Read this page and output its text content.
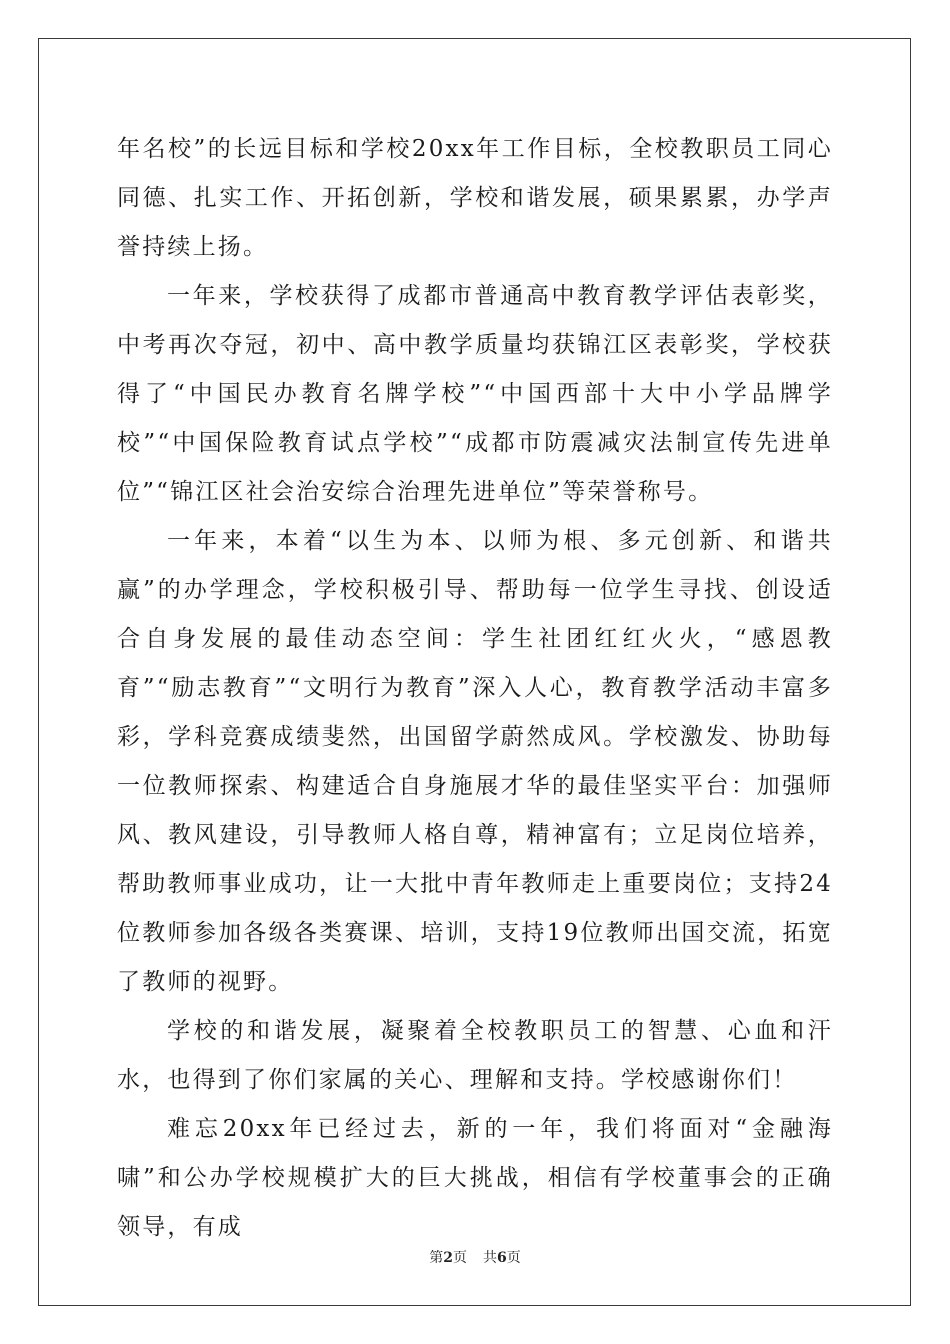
年名校”的长远目标和学校20xx年工作目标，全校教职员工同心同德、扎实工作、开拓创新，学校和谐发展，硕果累累，办学声誉持续上扬。

一年来，学校获得了成都市普通高中教育教学评估表彰奖，中考再次夺冠，初中、高中教学质量均获锦江区表彰奖，学校获得了“中国民办教育名牌学校”“中国西部十大中小学品牌学校”“中国保险教育试点学校”“成都市防震减灾法制宣传先进单位”“锦江区社会治安综合治理先进单位”等荣誉称号。

一年来，本着“以生为本、以师为根、多元创新、和谐共赢”的办学理念，学校积极引导、帮助每一位学生寻找、创设适合自身发展的最佳动态空间：学生社团红红火火，“感恩教育”“励志教育”“文明行为教育”深入人心，教育教学活动丰富多彩，学科竞赛成绩斐然，出国留学蔚然成风。学校激发、协助每一位教师探索、构建适合自身施展才华的最佳坚实平台：加强师风、教风建设，引导教师人格自尊，精神富有；立足岗位培养，帮助教师事业成功，让一大批中青年教师走上重要岗位；支持24位教师参加各级各类赛课、培训，支持19位教师出国交流，拓宽了教师的视野。

学校的和谐发展，凝聚着全校教职员工的智慧、心血和汗水，也得到了你们家属的关心、理解和支持。学校感谢你们！

难忘20xx年已经过去，新的一年，我们将面对“金融海啸”和公办学校规模扩大的巨大挑战，相信有学校董事会的正确领导，有成

第2页 共6页
